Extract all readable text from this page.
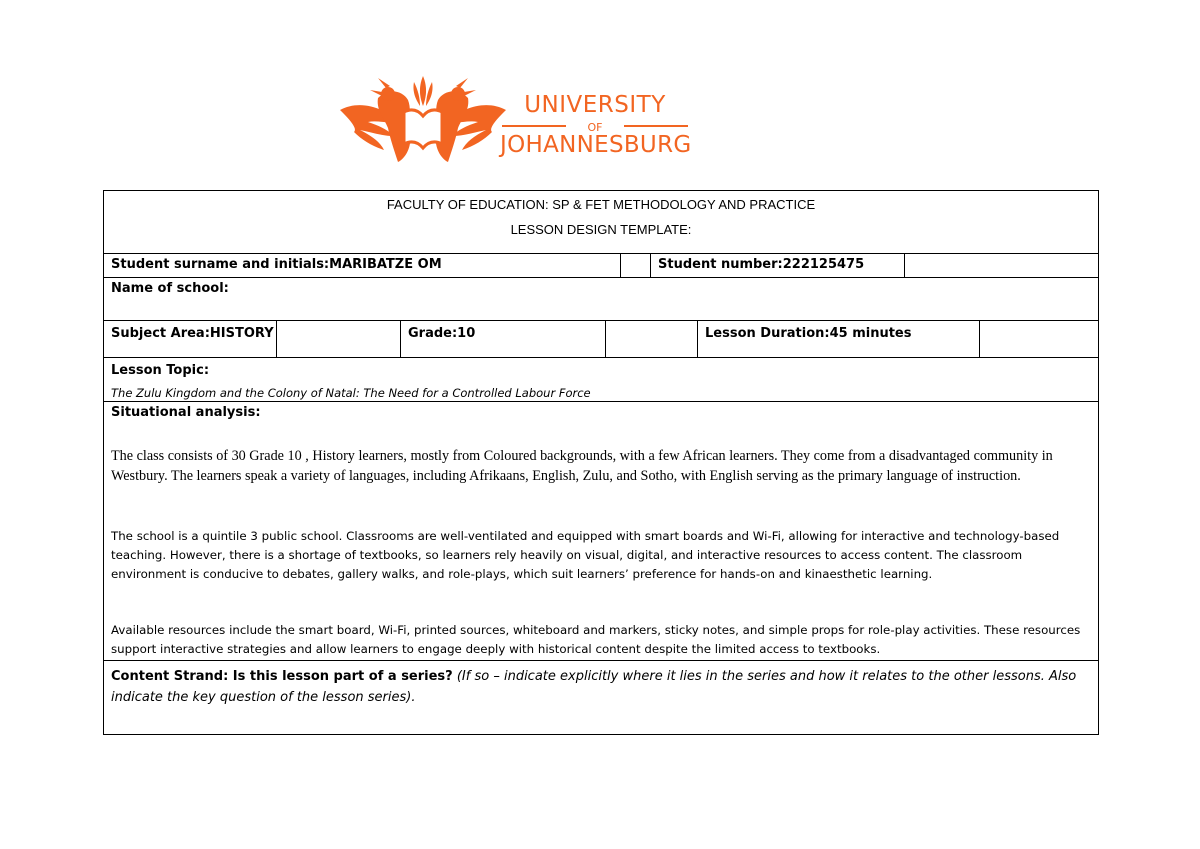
UNIVERSITY
OF
JOHANNESBURG
FACULTY OF EDUCATION: SP & FET METHODOLOGY AND PRACTICE
LESSON DESIGN TEMPLATE:
Student surname and initials:MARIBATZE OM	Student number:222125475
Name of school:
Subject Area:HISTORY	Grade:10	Lesson Duration:45 minutes
Lesson Topic:
The Zulu Kingdom and the Colony of Natal: The Need for a Controlled Labour Force
Situational analysis:
The class consists of 30 Grade 10 , History learners, mostly from Coloured backgrounds, with a few African learners. They come from a disadvantaged community in Westbury. The learners speak a variety of languages, including Afrikaans, English, Zulu, and Sotho, with English serving as the primary language of instruction.
The school is a quintile 3 public school. Classrooms are well-ventilated and equipped with smart boards and Wi-Fi, allowing for interactive and technology-based teaching. However, there is a shortage of textbooks, so learners rely heavily on visual, digital, and interactive resources to access content. The classroom environment is conducive to debates, gallery walks, and role-plays, which suit learners’ preference for hands-on and kinaesthetic learning.
Available resources include the smart board, Wi-Fi, printed sources, whiteboard and markers, sticky notes, and simple props for role-play activities. These resources support interactive strategies and allow learners to engage deeply with historical content despite the limited access to textbooks.
Content Strand: Is this lesson part of a series? (If so – indicate explicitly where it lies in the series and how it relates to the other lessons. Also indicate the key question of the lesson series).
